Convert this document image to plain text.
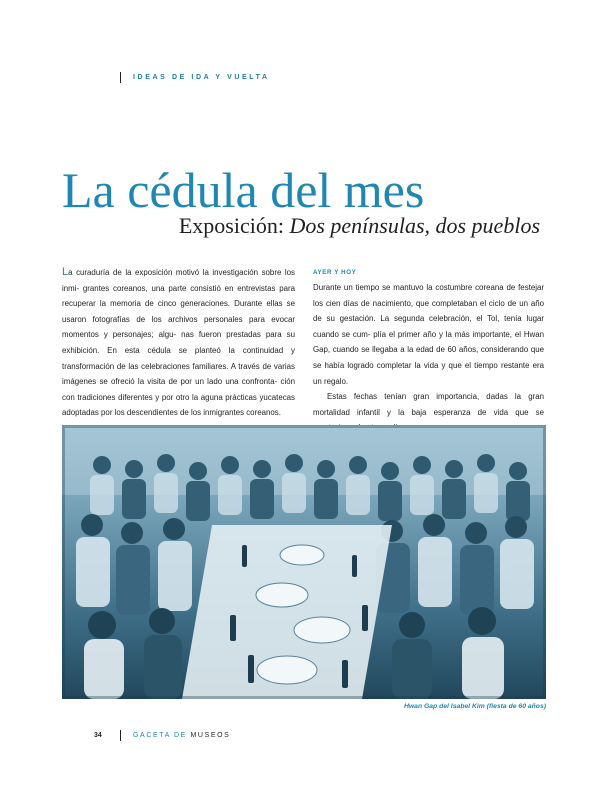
IDEAS DE IDA Y VUELTA
La cédula del mes
Exposición: Dos penínsulas, dos pueblos

La curaduría de la exposición motivó la investigación sobre los inmi- grantes coreanos, una parte consistió en entrevistas para recuperar la memoria de cinco generaciones. Durante ellas se usaron fotografías de los archivos personales para evocar momentos y personajes; algu- nas fueron prestadas para su exhibición. En esta cédula se planteó la continuidad y transformación de las celebraciones familiares. A través de varias imágenes se ofreció la visita de por un lado una confronta- ción con tradiciones diferentes y por otro la aguna prácticas yucatecas adoptadas por los descendientes de los inmigrantes coreanos.

AYER Y HOY

Durante un tiempo se mantuvo la costumbre coreana de festejar los cien días de nacimiento, que completaban el ciclo de un año de su gestación. La segunda celebración, el Tol, tenía lugar cuando se cum- plía el primer año y la más importante, el Hwan Gap, cuando se llegaba a la edad de 60 años, considerando que se había logrado completar la vida y que el tiempo restante era un regalo.

Estas fechas tenían gran importancia, dadas la gran mortalidad infantil y la baja esperanza de vida que se

Hwan Gap del Isabel Kim (fiesta de 60 años)
34	GACETA DE MUSEOS
